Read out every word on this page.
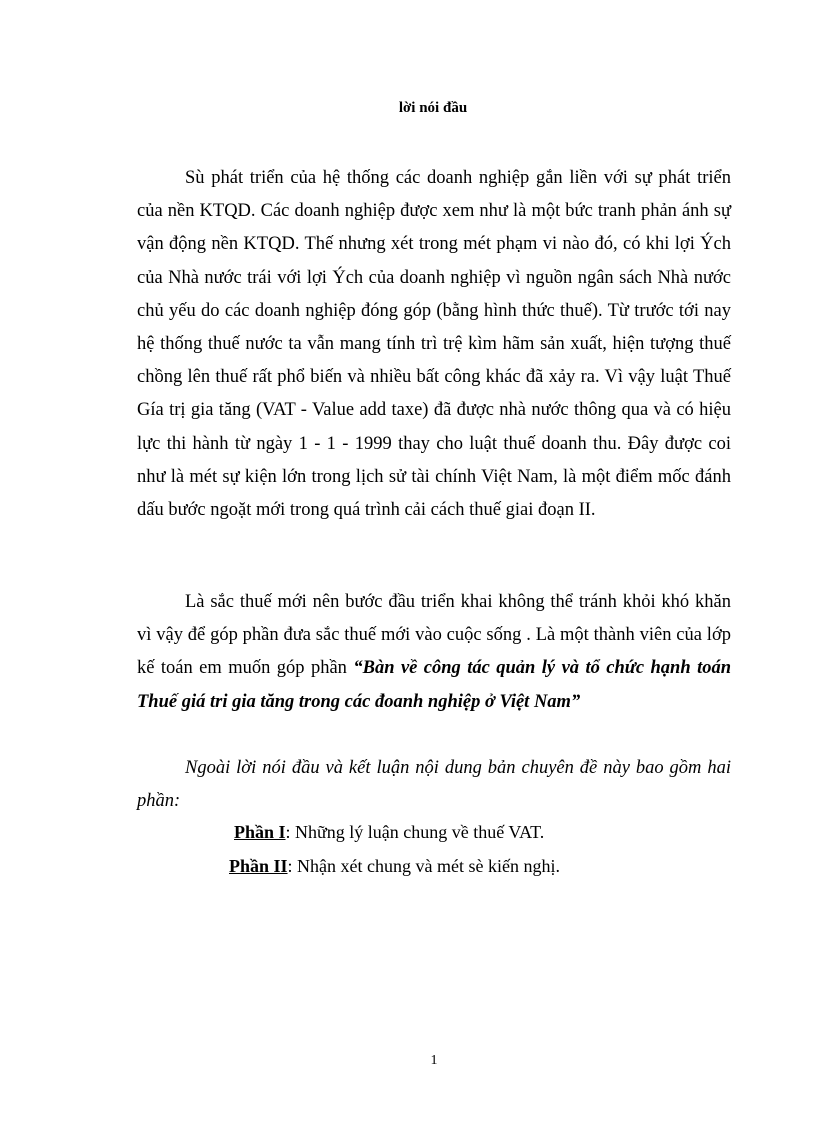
lời nói đầu

Sù phát triển của hệ thống các doanh nghiệp gắn liền với sự phát triển của nền KTQD. Các doanh nghiệp được xem như là một bức tranh phản ánh sự vận động nền KTQD. Thế nhưng xét trong mét phạm vi nào đó, có khi lợi Ých của Nhà nước trái với lợi Ých của doanh nghiệp vì nguồn ngân sách Nhà nước chủ yếu do các doanh nghiệp đóng góp (bằng hình thức thuế). Từ trước tới nay hệ thống thuế nước ta vẫn mang tính trì trệ kìm hãm sản xuất, hiện tượng thuế chồng lên thuế rất phổ biến và nhiều bất công khác đã xảy ra. Vì vậy luật Thuế Gía trị gia tăng (VAT - Value add taxe) đã được nhà nước thông qua và có hiệu lực thi hành từ ngày 1 - 1 - 1999 thay cho luật thuế doanh thu. Đây được coi như là mét sự kiện lớn trong lịch sử tài chính Việt Nam, là một điểm mốc đánh dấu bước ngoặt mới trong quá trình cải cách thuế giai đoạn II.

Là sắc thuế mới nên bước đầu triển khai không thể tránh khỏi khó khăn vì vậy để góp phần đưa sắc thuế mới vào cuộc sống . Là một thành viên của lớp kế toán em muốn góp phần “Bàn về công tác quản lý và tổ chức hạnh toán Thuế giá tri gia tăng trong các đoanh nghiệp ở Việt Nam”

Ngoài lời nói đầu và kết luận nội dung bản chuyên đề này bao gồm hai phần:

Phần I: Những lý luận chung về thuế VAT.
Phần II: Nhận xét chung và mét sè kiến nghị.
1
